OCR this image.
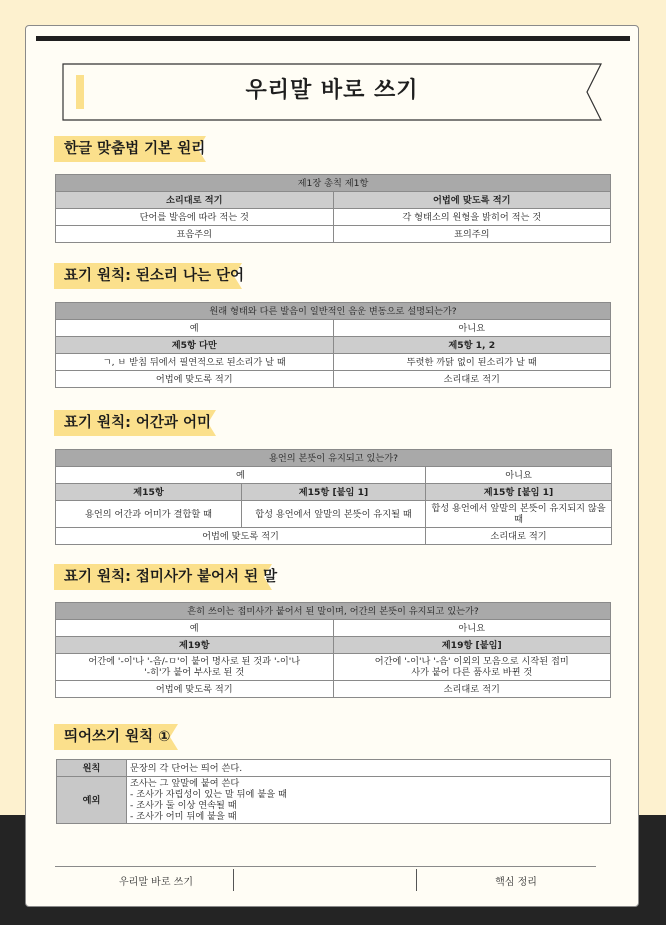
우리말 바로 쓰기
한글 맞춤법 기본 원리
제1장 총칙 제1항	
소리대로 적기	어법에 맞도록 적기
단어를 발음에 따라 적는 것	각 형태소의 원형을 밝히어 적는 것
표음주의	표의주의
표기 원칙: 된소리 나는 단어
원래 형태와 다른 발음이 일반적인 음운 변동으로 설명되는가?	
예	아니요
제5항 다만	제5항 1, 2
ㄱ, ㅂ 받침 뒤에서 필연적으로 된소리가 날 때	뚜렷한 까닭 없이 된소리가 날 때
어법에 맞도록 적기	소리대로 적기
표기 원칙: 어간과 어미
용언의 본뜻이 유지되고 있는가?		
예		아니요
제15항	제15항 [붙임 1]	제15항 [붙임 1]
용언의 어간과 어미가 결합할 때	합성 용언에서 앞말의 본뜻이 유지될 때	합성 용언에서 앞말의 본뜻이 유지되지 않을 때
어법에 맞도록 적기		소리대로 적기
표기 원칙: 접미사가 붙어서 된 말
흔히 쓰이는 접미사가 붙어서 된 말이며, 어간의 본뜻이 유지되고 있는가?	
예	아니요
제19항	제19항 [붙임]
어간에 '-이'나 '-음/-ㅁ'이 붙어 명사로 된 것과 '-이'나 '-히'가 붙어 부사로 된 것	어간에 '-이'나 '-음' 이외의 모음으로 시작된 접미사가 붙어 다른 품사로 바뀐 것
어법에 맞도록 적기	소리대로 적기
띄어쓰기 원칙 ①
원칙	문장의 각 단어는 띄어 쓴다.
예외	조사는 그 앞말에 붙여 쓴다
- 조사가 자립성이 있는 말 뒤에 붙을 때
- 조사가 둘 이상 연속될 때
- 조사가 어미 뒤에 붙을 때
우리말 바로 쓰기	핵심 정리
